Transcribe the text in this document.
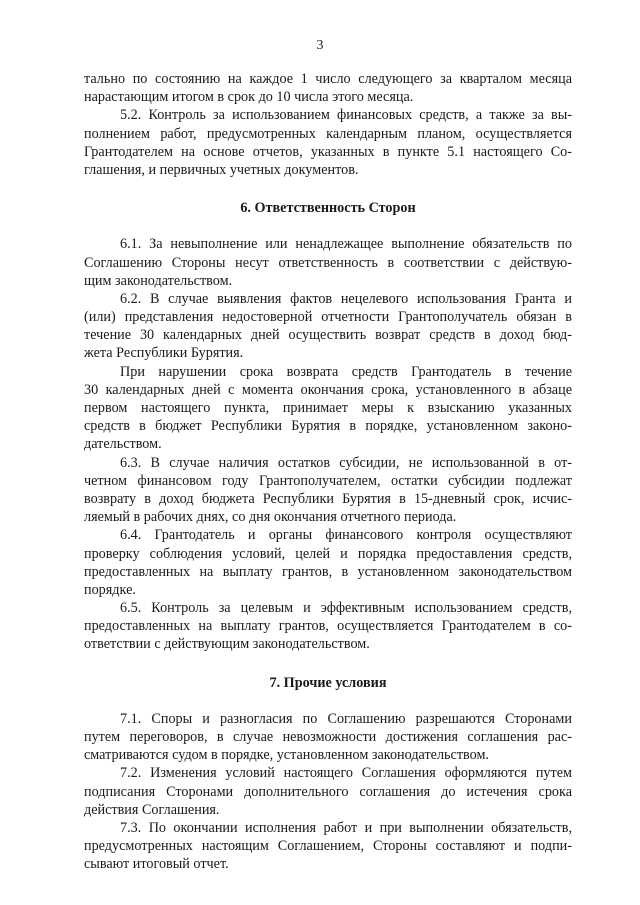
3
тально по состоянию на каждое 1 число следующего за кварталом месяца
нарастающим итогом в срок до 10 числа этого месяца.
5.2. Контроль за использованием финансовых средств, а также за вы-
полнением работ, предусмотренных календарным планом, осуществляется
Грантодателем на основе отчетов, указанных в пункте 5.1 настоящего Со-
глашения, и первичных учетных документов.
6. Ответственность Сторон
6.1. За невыполнение или ненадлежащее выполнение обязательств по
Соглашению Стороны несут ответственность в соответствии с действую-
щим законодательством.
6.2. В случае выявления фактов нецелевого использования Гранта и
(или) представления недостоверной отчетности Грантополучатель обязан в
течение 30 календарных дней осуществить возврат средств в доход бюд-
жета Республики Бурятия.
При нарушении срока возврата средств Грантодатель в течение
30 календарных дней с момента окончания срока, установленного в абзаце
первом настоящего пункта, принимает меры к взысканию указанных
средств в бюджет Республики Бурятия в порядке, установленном законо-
дательством.
6.3. В случае наличия остатков субсидии, не использованной в от-
четном финансовом году Грантополучателем, остатки субсидии подлежат
возврату в доход бюджета Республики Бурятия в 15-дневный срок, исчис-
ляемый в рабочих днях, со дня окончания отчетного периода.
6.4. Грантодатель и органы финансового контроля осуществляют
проверку соблюдения условий, целей и порядка предоставления средств,
предоставленных на выплату грантов, в установленном законодательством
порядке.
6.5. Контроль за целевым и эффективным использованием средств,
предоставленных на выплату грантов, осуществляется Грантодателем в со-
ответствии с действующим законодательством.
7. Прочие условия
7.1. Споры и разногласия по Соглашению разрешаются Сторонами
путем переговоров, в случае невозможности достижения соглашения рас-
сматриваются судом в порядке, установленном законодательством.
7.2. Изменения условий настоящего Соглашения оформляются путем
подписания Сторонами дополнительного соглашения до истечения срока
действия Соглашения.
7.3. По окончании исполнения работ и при выполнении обязательств,
предусмотренных настоящим Соглашением, Стороны составляют и подпи-
сывают итоговый отчет.
